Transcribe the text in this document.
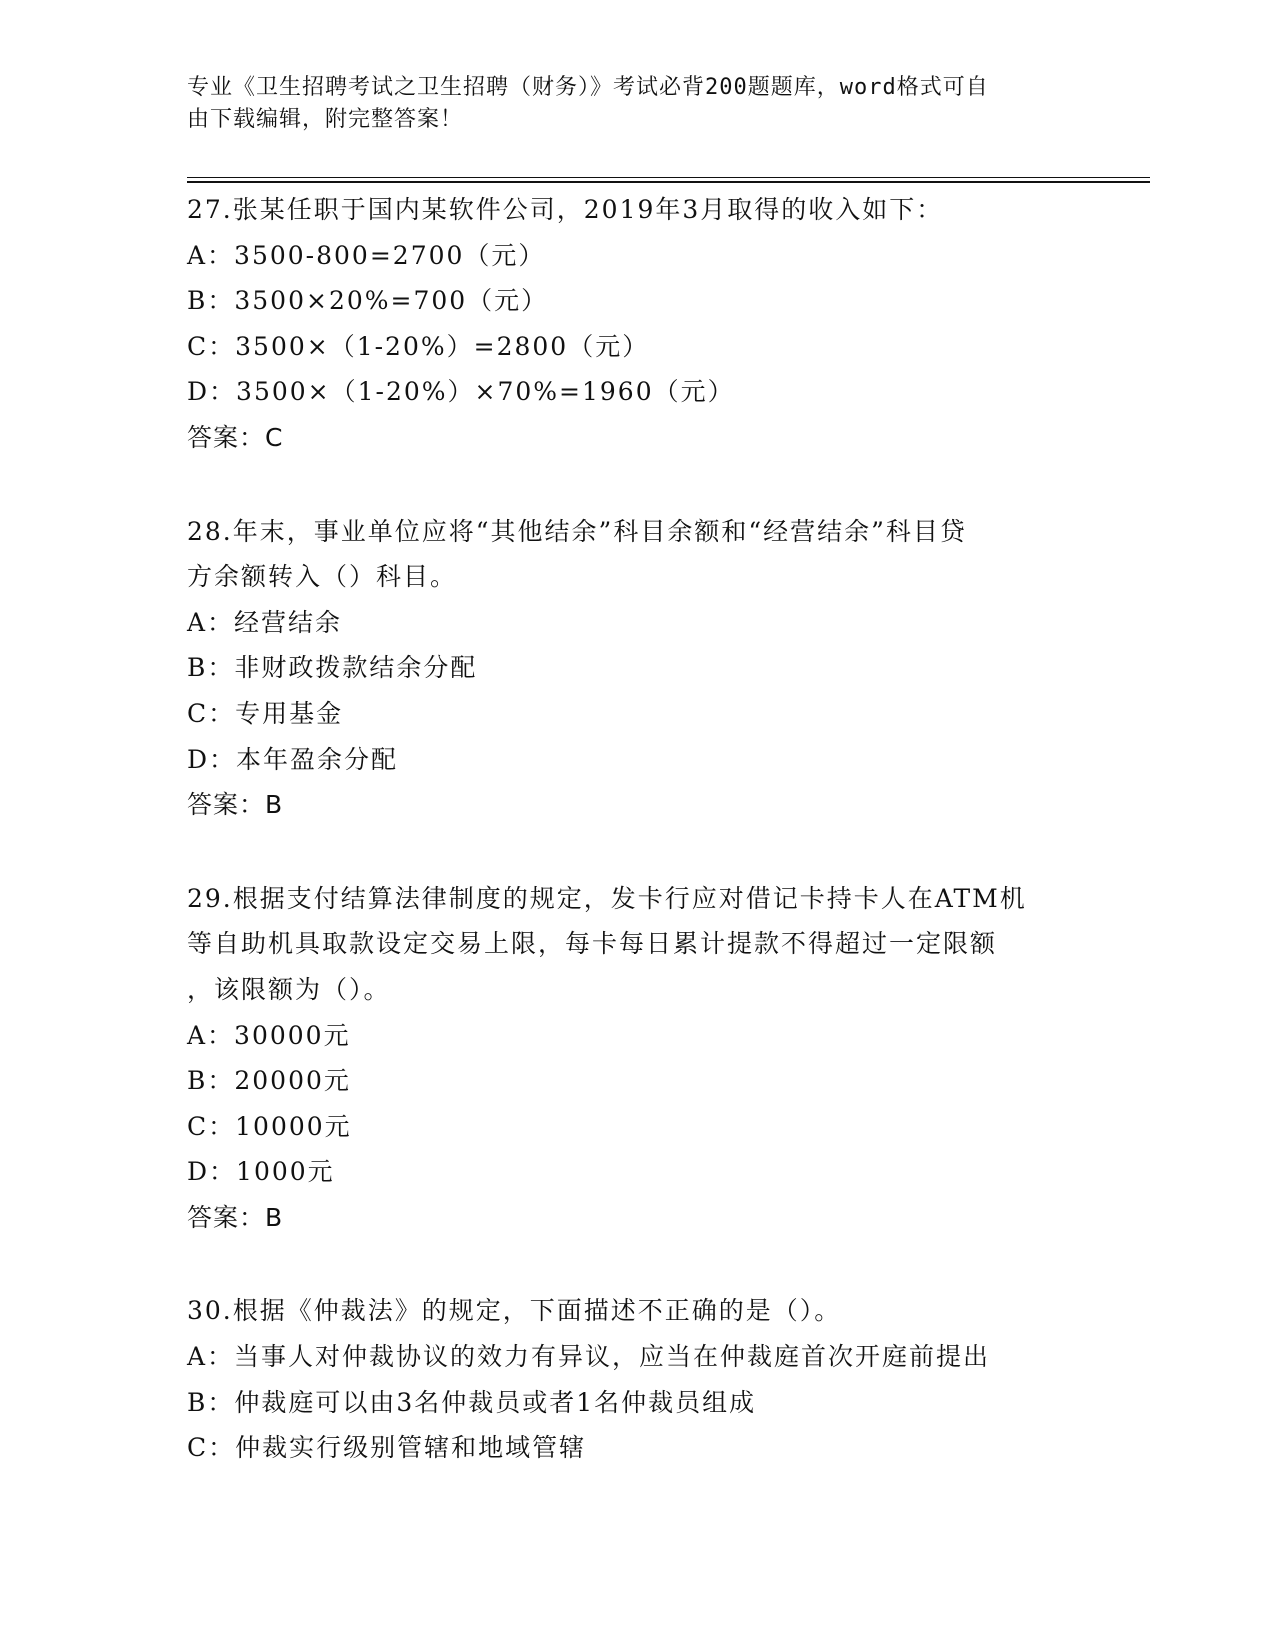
专业《卫生招聘考试之卫生招聘（财务）》考试必背200题题库，word格式可自
由下载编辑，附完整答案！
27.张某任职于国内某软件公司，2019年3月取得的收入如下：
A：3500-800=2700（元）
B：3500×20%=700（元）
C：3500×（1-20%）=2800（元）
D：3500×（1-20%）×70%=1960（元）
答案：C
28.年末，事业单位应将“其他结余”科目余额和“经营结余”科目贷
方余额转入（）科目。
A：经营结余
B：非财政拨款结余分配
C：专用基金
D：本年盈余分配
答案：B
29.根据支付结算法律制度的规定，发卡行应对借记卡持卡人在ATM机
等自助机具取款设定交易上限，每卡每日累计提款不得超过一定限额
，该限额为（）。
A：30000元
B：20000元
C：10000元
D：1000元
答案：B
30.根据《仲裁法》的规定，下面描述不正确的是（）。
A：当事人对仲裁协议的效力有异议，应当在仲裁庭首次开庭前提出
B：仲裁庭可以由3名仲裁员或者1名仲裁员组成
C：仲裁实行级别管辖和地域管辖
